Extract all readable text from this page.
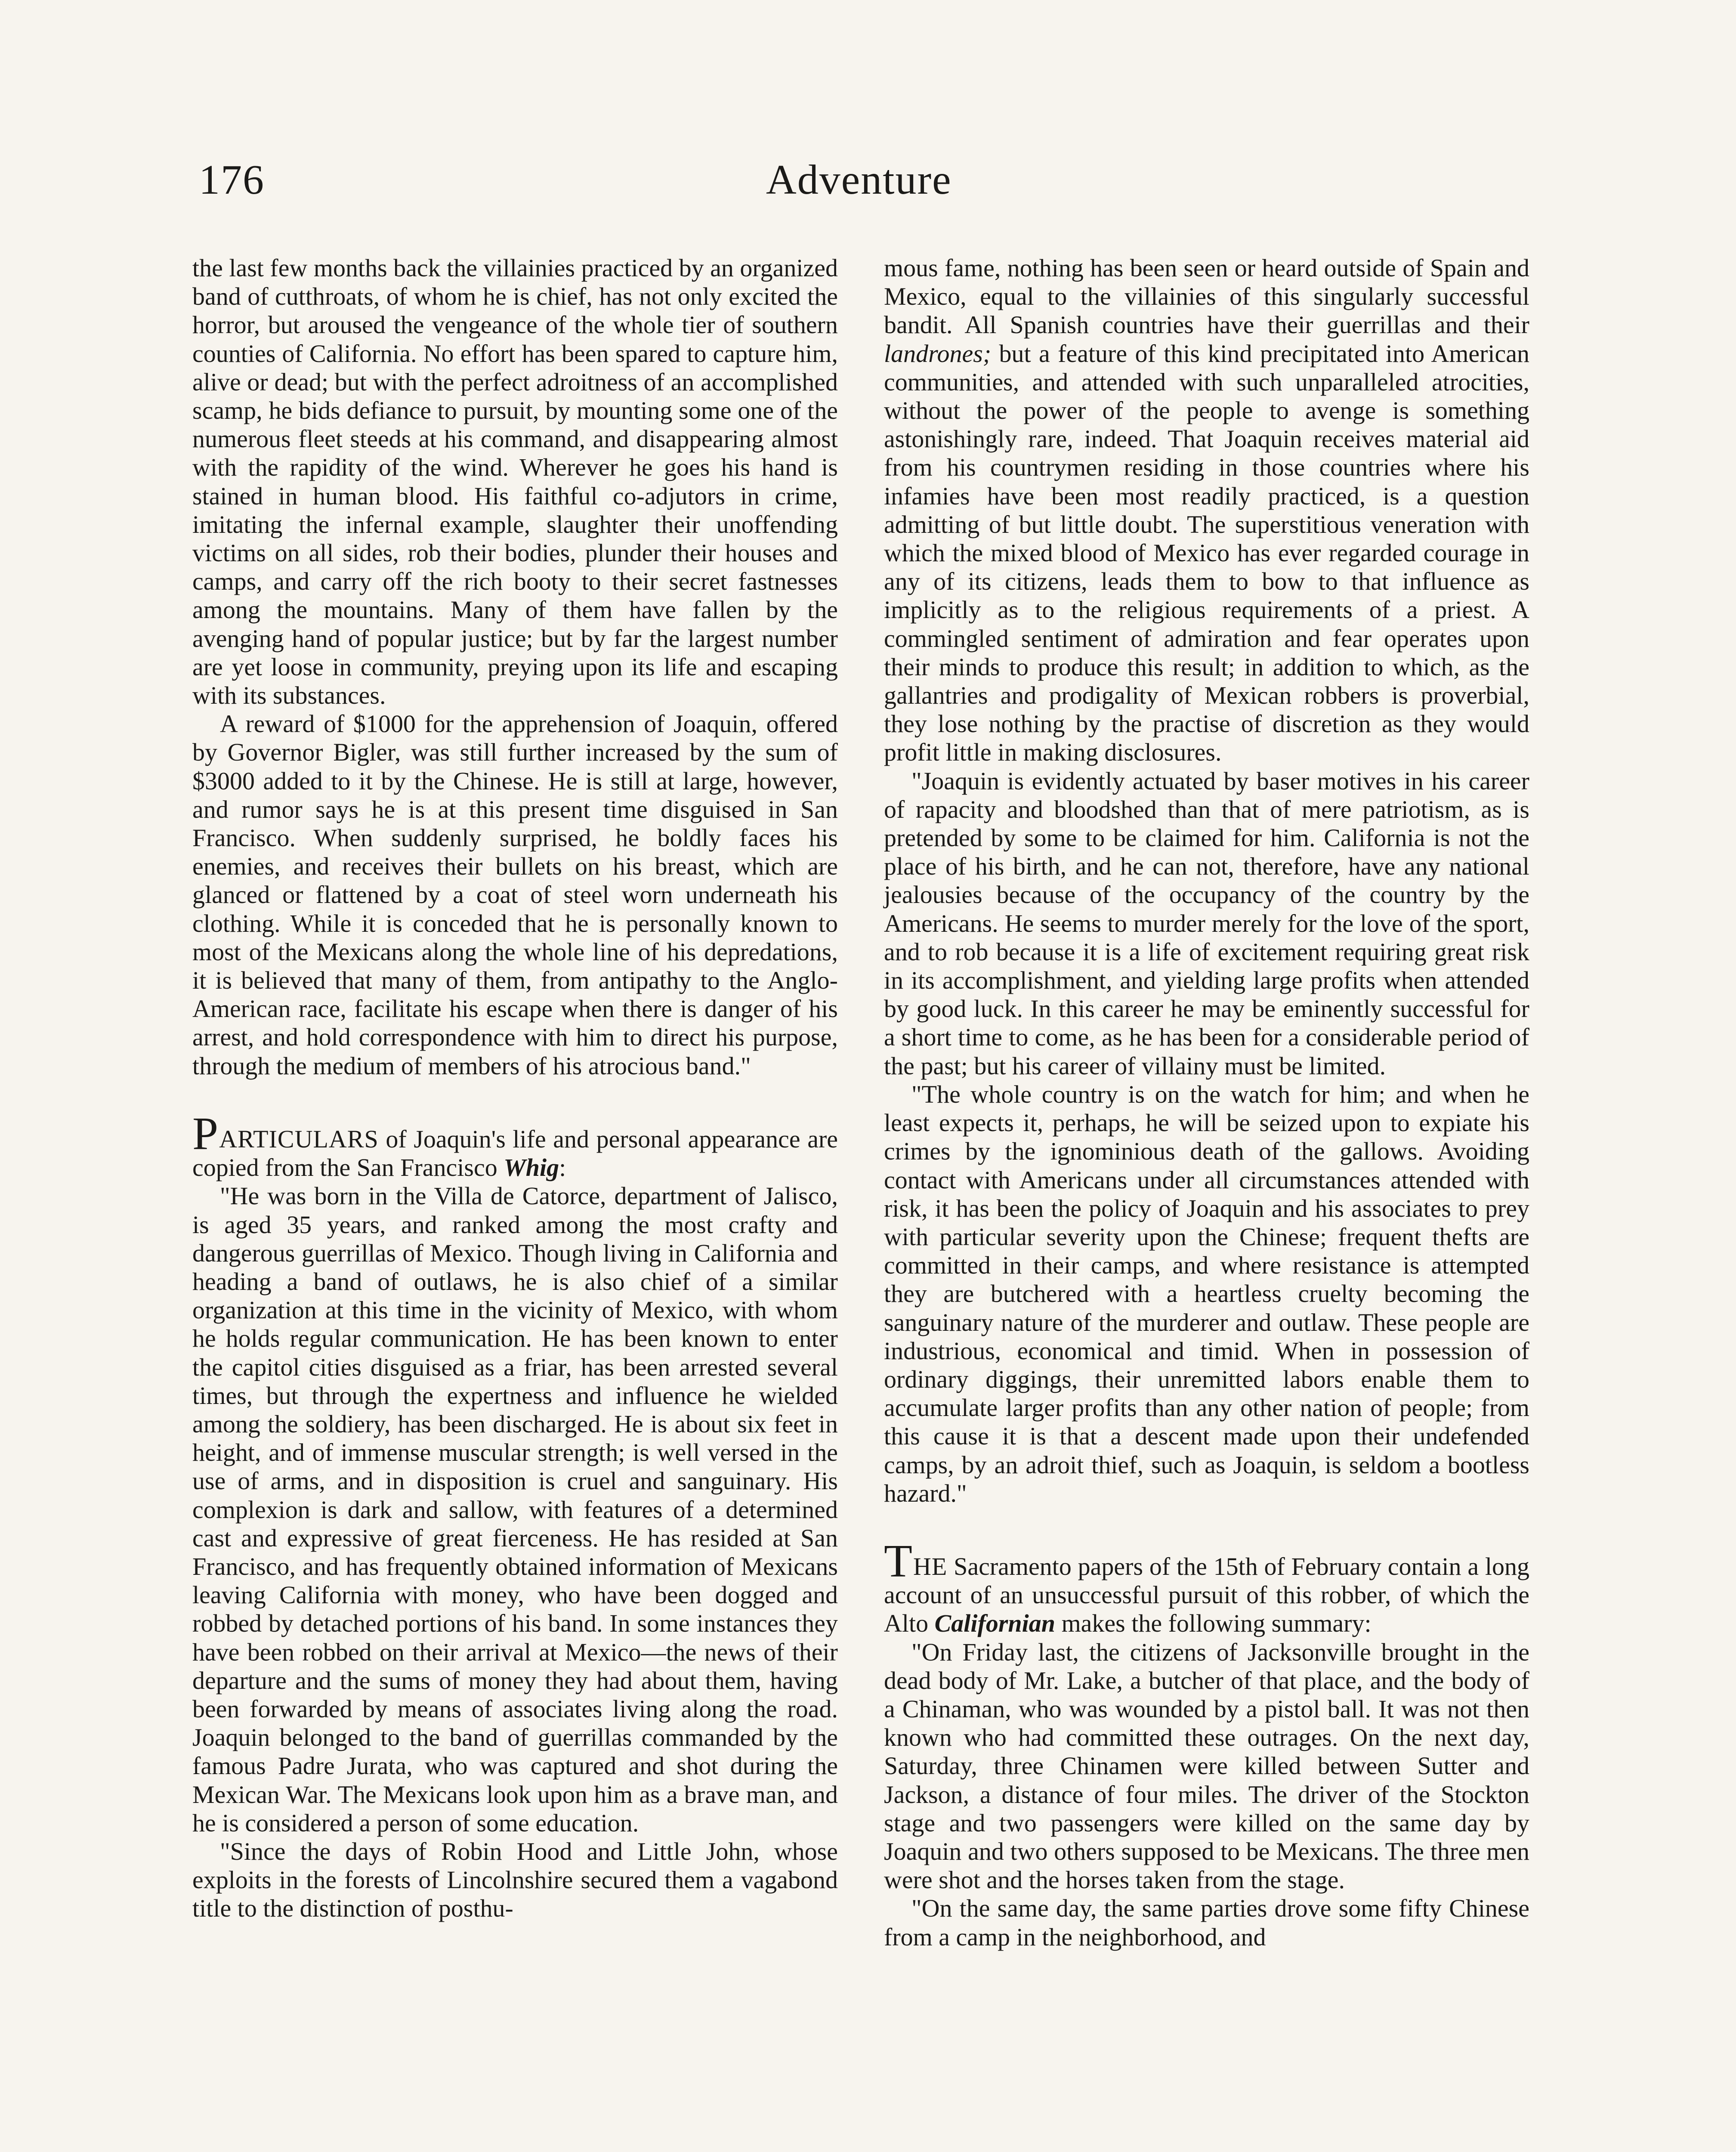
176	Adventure

the last few months back the villainies practiced by an organized band of cutthroats, of whom he is chief, has not only excited the horror, but aroused the vengeance of the whole tier of southern counties of California. No effort has been spared to capture him, alive or dead; but with the perfect adroitness of an accomplished scamp, he bids defiance to pursuit, by mounting some one of the numerous fleet steeds at his command, and disappearing almost with the rapidity of the wind. Wherever he goes his hand is stained in human blood. His faithful co-adjutors in crime, imitating the infernal example, slaughter their unoffending victims on all sides, rob their bodies, plunder their houses and camps, and carry off the rich booty to their secret fastnesses among the mountains. Many of them have fallen by the avenging hand of popular justice; but by far the largest number are yet loose in community, preying upon its life and escaping with its substances.

A reward of $1000 for the apprehension of Joaquin, offered by Governor Bigler, was still further increased by the sum of $3000 added to it by the Chinese. He is still at large, however, and rumor says he is at this present time disguised in San Francisco. When suddenly surprised, he boldly faces his enemies, and receives their bullets on his breast, which are glanced or flattened by a coat of steel worn underneath his clothing. While it is conceded that he is personally known to most of the Mexicans along the whole line of his depredations, it is believed that many of them, from antipathy to the Anglo-American race, facilitate his escape when there is danger of his arrest, and hold correspondence with him to direct his purpose, through the medium of members of his atrocious band."

PARTICULARS of Joaquin's life and personal appearance are copied from the San Francisco Whig:

"He was born in the Villa de Catorce, department of Jalisco, is aged 35 years, and ranked among the most crafty and dangerous guerrillas of Mexico. Though living in California and heading a band of outlaws, he is also chief of a similar organization at this time in the vicinity of Mexico, with whom he holds regular communication. He has been known to enter the capitol cities disguised as a friar, has been arrested several times, but through the expertness and influence he wielded among the soldiery, has been discharged. He is about six feet in height, and of immense muscular strength; is well versed in the use of arms, and in disposition is cruel and sanguinary. His complexion is dark and sallow, with features of a determined cast and expressive of great fierceness. He has resided at San Francisco, and has frequently obtained information of Mexicans leaving California with money, who have been dogged and robbed by detached portions of his band. In some instances they have been robbed on their arrival at Mexico—the news of their departure and the sums of money they had about them, having been forwarded by means of associates living along the road. Joaquin belonged to the band of guerrillas commanded by the famous Padre Jurata, who was captured and shot during the Mexican War. The Mexicans look upon him as a brave man, and he is considered a person of some education.

"Since the days of Robin Hood and Little John, whose exploits in the forests of Lincolnshire secured them a vagabond title to the distinction of posthu-

mous fame, nothing has been seen or heard outside of Spain and Mexico, equal to the villainies of this singularly successful bandit. All Spanish countries have their guerrillas and their landrones; but a feature of this kind precipitated into American communities, and attended with such unparalleled atrocities, without the power of the people to avenge is something astonishingly rare, indeed. That Joaquin receives material aid from his countrymen residing in those countries where his infamies have been most readily practiced, is a question admitting of but little doubt. The superstitious veneration with which the mixed blood of Mexico has ever regarded courage in any of its citizens, leads them to bow to that influence as implicitly as to the religious requirements of a priest. A commingled sentiment of admiration and fear operates upon their minds to produce this result; in addition to which, as the gallantries and prodigality of Mexican robbers is proverbial, they lose nothing by the practise of discretion as they would profit little in making disclosures.

"Joaquin is evidently actuated by baser motives in his career of rapacity and bloodshed than that of mere patriotism, as is pretended by some to be claimed for him. California is not the place of his birth, and he can not, therefore, have any national jealousies because of the occupancy of the country by the Americans. He seems to murder merely for the love of the sport, and to rob because it is a life of excitement requiring great risk in its accomplishment, and yielding large profits when attended by good luck. In this career he may be eminently successful for a short time to come, as he has been for a considerable period of the past; but his career of villainy must be limited.

"The whole country is on the watch for him; and when he least expects it, perhaps, he will be seized upon to expiate his crimes by the ignominious death of the gallows. Avoiding contact with Americans under all circumstances attended with risk, it has been the policy of Joaquin and his associates to prey with particular severity upon the Chinese; frequent thefts are committed in their camps, and where resistance is attempted they are butchered with a heartless cruelty becoming the sanguinary nature of the murderer and outlaw. These people are industrious, economical and timid. When in possession of ordinary diggings, their unremitted labors enable them to accumulate larger profits than any other nation of people; from this cause it is that a descent made upon their undefended camps, by an adroit thief, such as Joaquin, is seldom a bootless hazard."

THE Sacramento papers of the 15th of February contain a long account of an unsuccessful pursuit of this robber, of which the Alto Californian makes the following summary:

"On Friday last, the citizens of Jacksonville brought in the dead body of Mr. Lake, a butcher of that place, and the body of a Chinaman, who was wounded by a pistol ball. It was not then known who had committed these outrages. On the next day, Saturday, three Chinamen were killed between Sutter and Jackson, a distance of four miles. The driver of the Stockton stage and two passengers were killed on the same day by Joaquin and two others supposed to be Mexicans. The three men were shot and the horses taken from the stage.

"On the same day, the same parties drove some fifty Chinese from a camp in the neighborhood, and
